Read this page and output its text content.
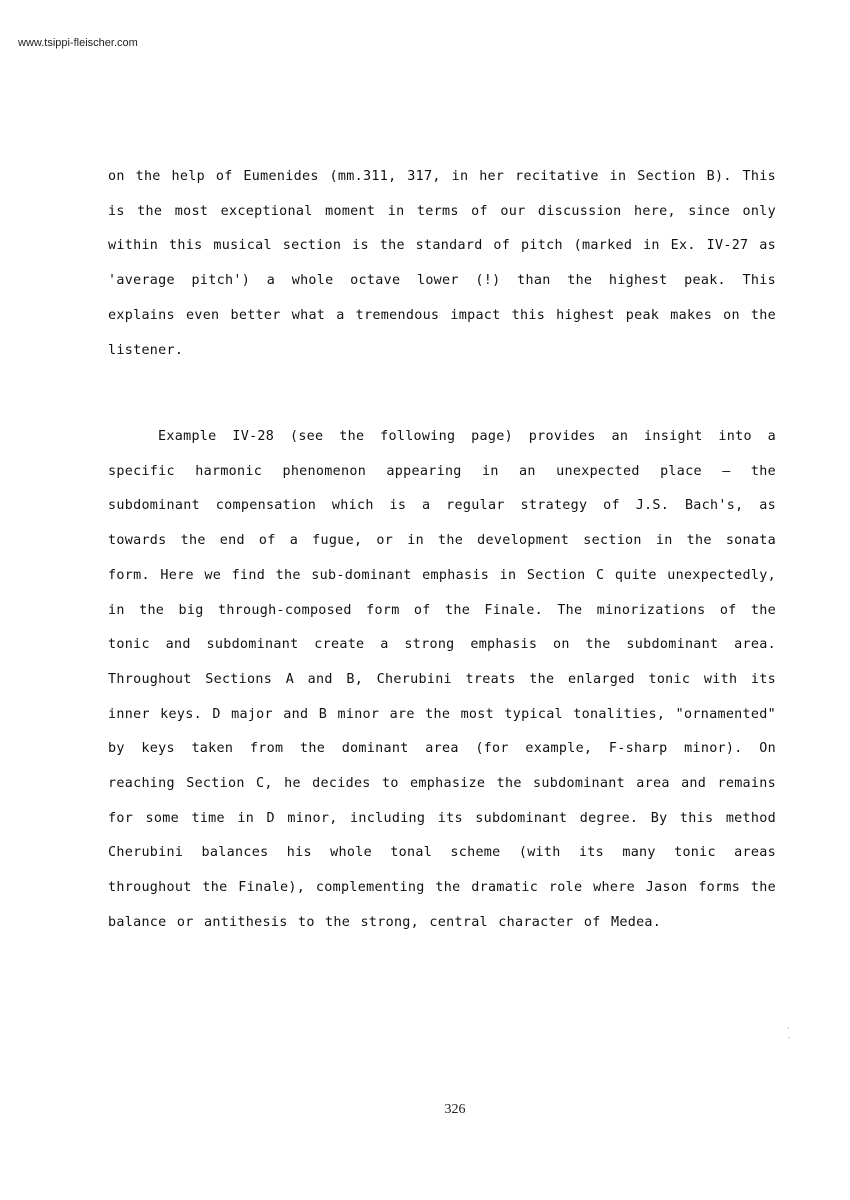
www.tsippi-fleischer.com
on the help of Eumenides (mm.311, 317, in her recitative in Section B). This is the most exceptional moment in terms of our discussion here, since only within this musical section is the standard of pitch (marked in Ex. IV-27 as 'average pitch') a whole octave lower (!) than the highest peak. This explains even better what a tremendous impact this highest peak makes on the listener.
Example IV-28 (see the following page) provides an insight into a specific harmonic phenomenon appearing in an unexpected place – the subdominant compensation which is a regular strategy of J.S. Bach's, as towards the end of a fugue, or in the development section in the sonata form. Here we find the sub-dominant emphasis in Section C quite unexpectedly, in the big through-composed form of the Finale. The minorizations of the tonic and subdominant create a strong emphasis on the subdominant area. Throughout Sections A and B, Cherubini treats the enlarged tonic with its inner keys. D major and B minor are the most typical tonalities, "ornamented" by keys taken from the dominant area (for example, F-sharp minor). On reaching Section C, he decides to emphasize the subdominant area and remains for some time in D minor, including its subdominant degree. By this method Cherubini balances his whole tonal scheme (with its many tonic areas throughout the Finale), complementing the dramatic role where Jason forms the balance or antithesis to the strong, central character of Medea.
·
′
326
